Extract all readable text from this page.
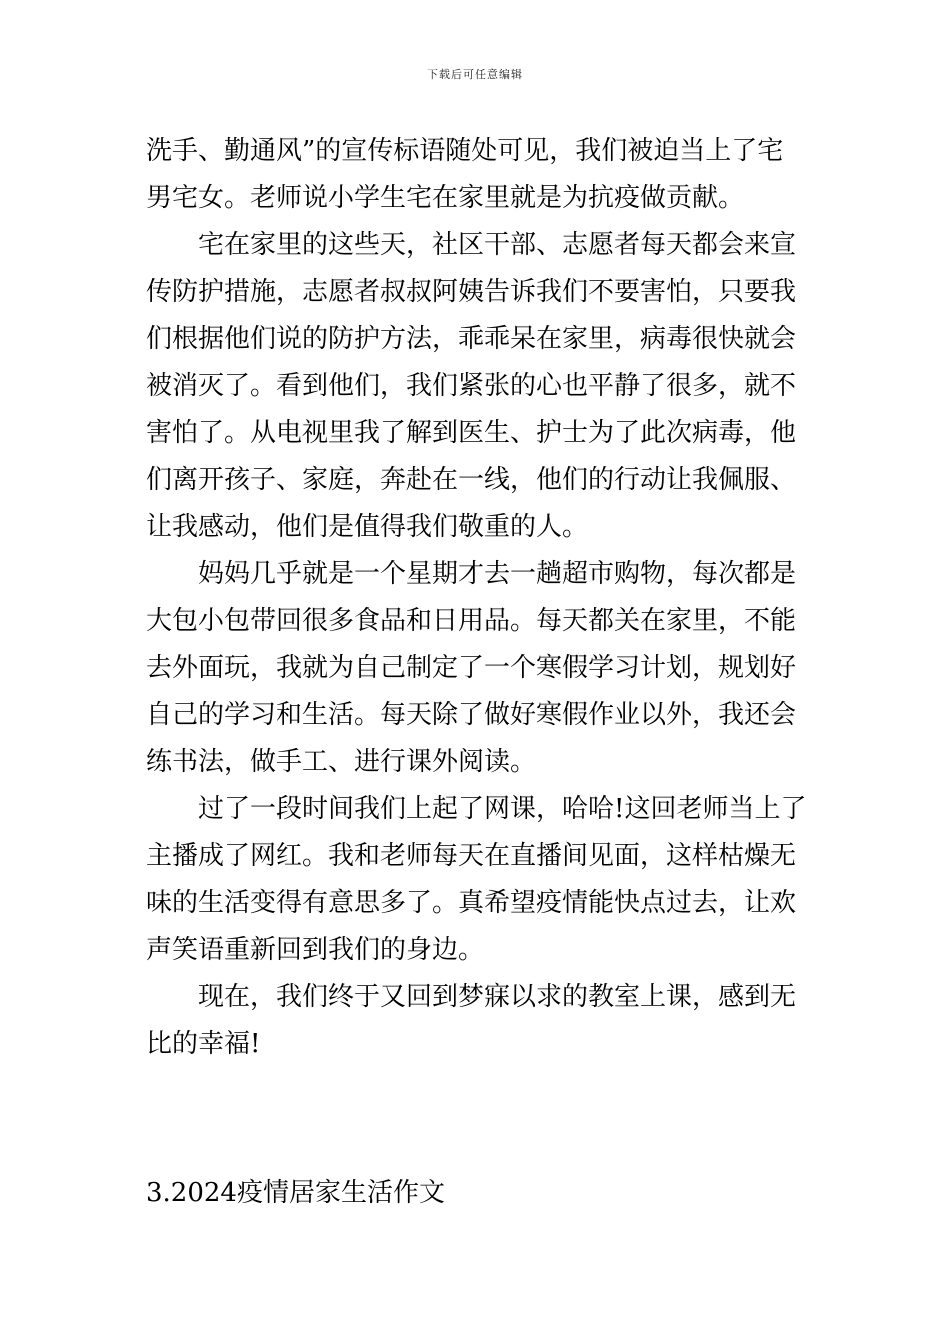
下载后可任意编辑
洗手、勤通风”的宣传标语随处可见，我们被迫当上了宅
男宅女。老师说小学生宅在家里就是为抗疫做贡献。
宅在家里的这些天，社区干部、志愿者每天都会来宣
传防护措施，志愿者叔叔阿姨告诉我们不要害怕，只要我
们根据他们说的防护方法，乖乖呆在家里，病毒很快就会
被消灭了。看到他们，我们紧张的心也平静了很多，就不
害怕了。从电视里我了解到医生、护士为了此次病毒，他
们离开孩子、家庭，奔赴在一线，他们的行动让我佩服、
让我感动，他们是值得我们敬重的人。
妈妈几乎就是一个星期才去一趟超市购物，每次都是
大包小包带回很多食品和日用品。每天都关在家里，不能
去外面玩，我就为自己制定了一个寒假学习计划，规划好
自己的学习和生活。每天除了做好寒假作业以外，我还会
练书法，做手工、进行课外阅读。
过了一段时间我们上起了网课，哈哈!这回老师当上了
主播成了网红。我和老师每天在直播间见面，这样枯燥无
味的生活变得有意思多了。真希望疫情能快点过去，让欢
声笑语重新回到我们的身边。
现在，我们终于又回到梦寐以求的教室上课，感到无
比的幸福!
3.2024疫情居家生活作文
